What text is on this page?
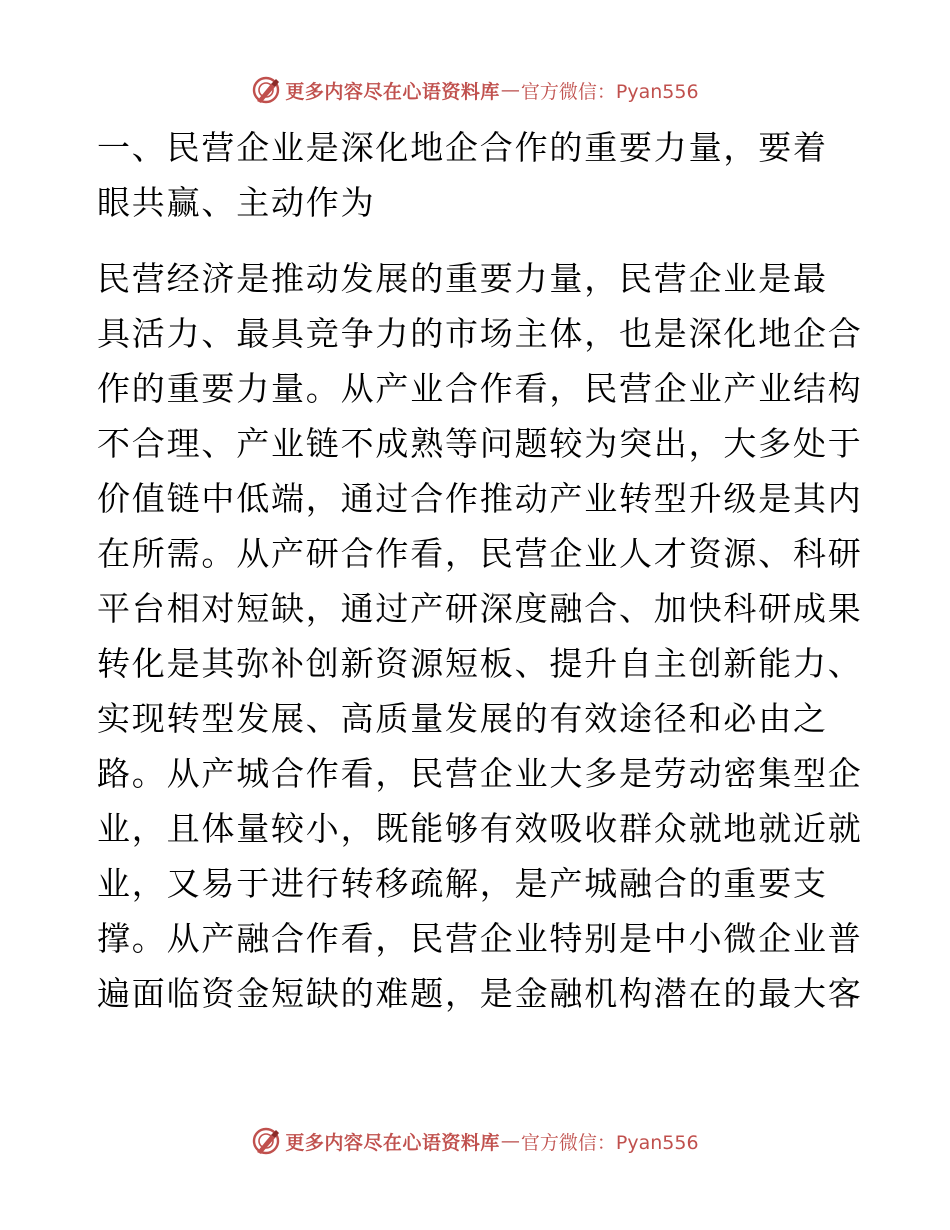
更多内容尽在心语资料库 — 官方微信：Pyan556
一、民营企业是深化地企合作的重要力量，要着
眼共赢、主动作为
民营经济是推动发展的重要力量，民营企业是最
具活力、最具竞争力的市场主体，也是深化地企合
作的重要力量。从产业合作看，民营企业产业结构
不合理、产业链不成熟等问题较为突出，大多处于
价值链中低端，通过合作推动产业转型升级是其内
在所需。从产研合作看，民营企业人才资源、科研
平台相对短缺，通过产研深度融合、加快科研成果
转化是其弥补创新资源短板、提升自主创新能力、
实现转型发展、高质量发展的有效途径和必由之
路。从产城合作看，民营企业大多是劳动密集型企
业，且体量较小，既能够有效吸收群众就地就近就
业，又易于进行转移疏解，是产城融合的重要支
撑。从产融合作看，民营企业特别是中小微企业普
遍面临资金短缺的难题，是金融机构潜在的最大客
更多内容尽在心语资料库 — 官方微信：Pyan556
